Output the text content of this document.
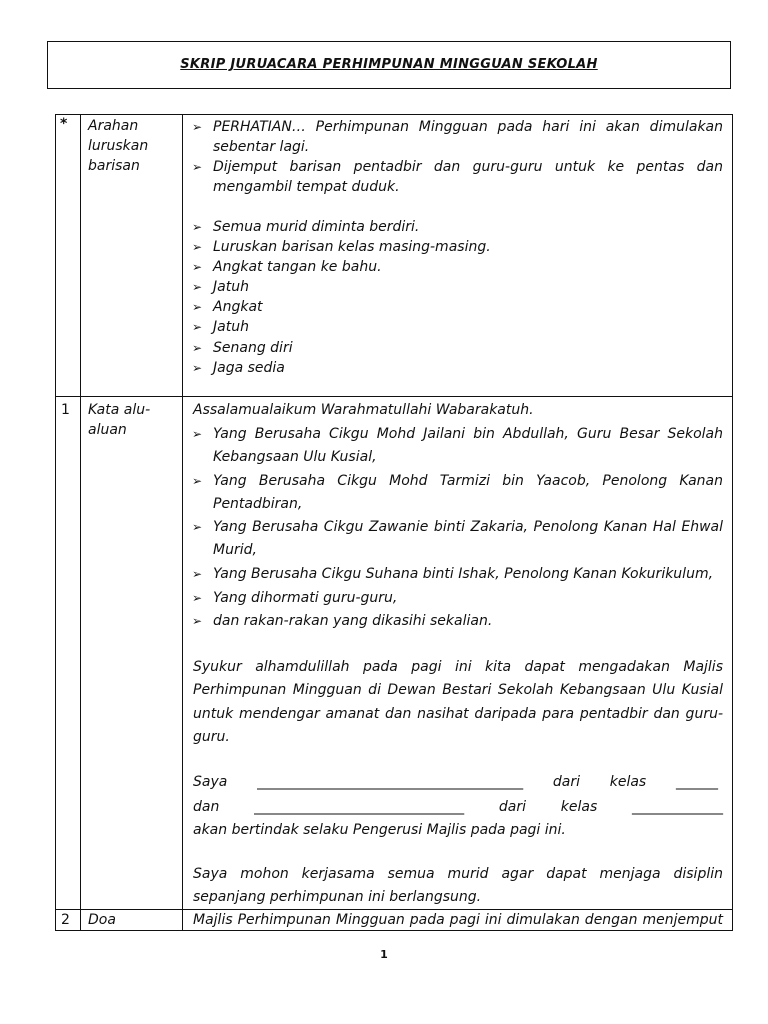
SKRIP JURUACARA PERHIMPUNAN MINGGUAN SEKOLAH
* Arahan
luruskan
barisan
➢ PERHATIAN… Perhimpunan Mingguan pada hari ini akan dimulakan
sebentar lagi.
➢ Dijemput barisan pentadbir dan guru-guru untuk ke pentas dan
mengambil tempat duduk.
➢ Semua murid diminta berdiri.
➢ Luruskan barisan kelas masing-masing.
➢ Angkat tangan ke bahu.
➢ Jatuh
➢ Angkat
➢ Jatuh
➢ Senang diri
➢ Jaga sedia
1 Kata alu-
aluan
Assalamualaikum Warahmatullahi Wabarakatuh.
➢ Yang Berusaha Cikgu Mohd Jailani bin Abdullah, Guru Besar Sekolah
Kebangsaan Ulu Kusial,
➢ Yang Berusaha Cikgu Mohd Tarmizi bin Yaacob, Penolong Kanan
Pentadbiran,
➢ Yang Berusaha Cikgu Zawanie binti Zakaria, Penolong Kanan Hal Ehwal
Murid,
➢ Yang Berusaha Cikgu Suhana binti Ishak, Penolong Kanan Kokurikulum,
➢ Yang dihormati guru-guru,
➢ dan rakan-rakan yang dikasihi sekalian.
Syukur alhamdulillah pada pagi ini kita dapat mengadakan Majlis
Perhimpunan Mingguan di Dewan Bestari Sekolah Kebangsaan Ulu Kusial
untuk mendengar amanat dan nasihat daripada para pentadbir dan guru-
guru.
Saya ______________________________________ dari kelas ______
dan ______________________________ dari kelas _____________
akan bertindak selaku Pengerusi Majlis pada pagi ini.
Saya mohon kerjasama semua murid agar dapat menjaga disiplin
sepanjang perhimpunan ini berlangsung.
2 Doa	Majlis Perhimpunan Mingguan pada pagi ini dimulakan dengan menjemput
1
